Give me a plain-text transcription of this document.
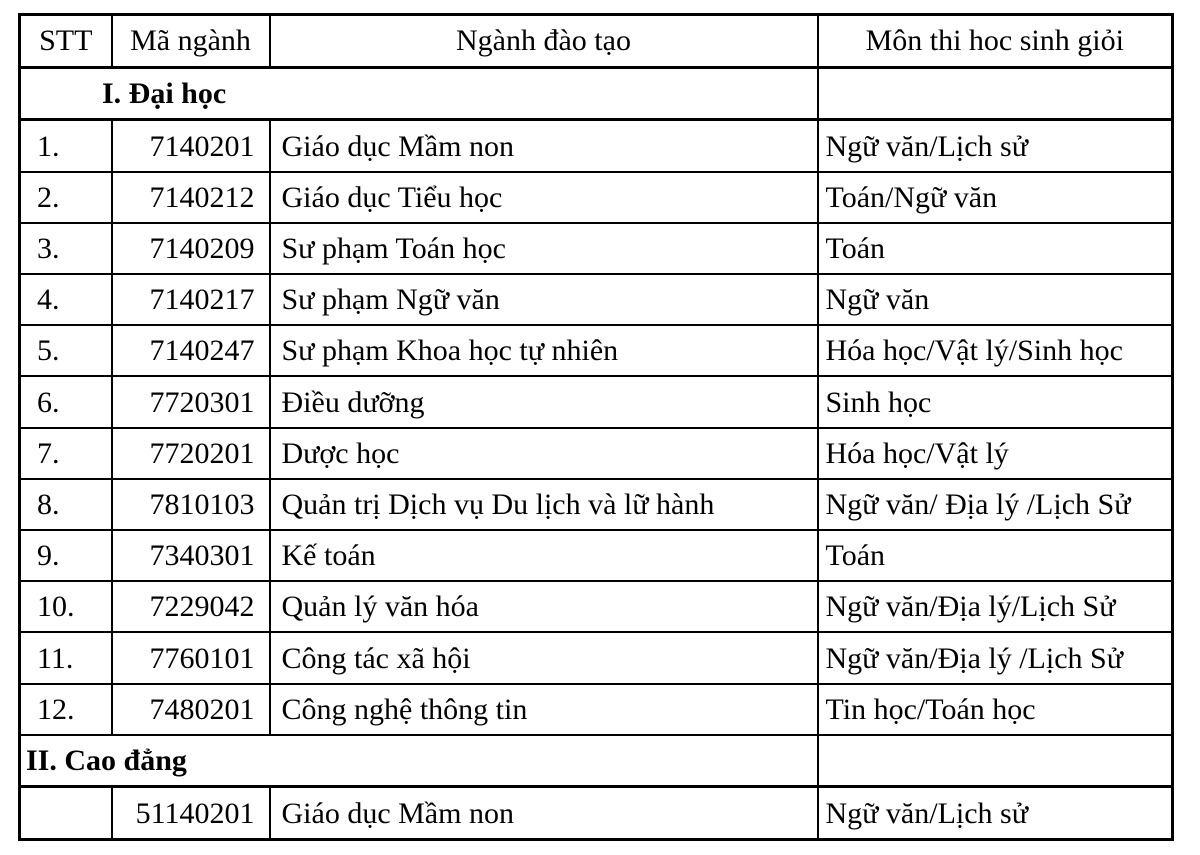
STT	Mã ngành	Ngành đào tạo	Môn thi hoc sinh giỏi
I. Đại học			
1.	7140201	Giáo dục Mầm non	Ngữ văn/Lịch sử
2.	7140212	Giáo dục Tiểu học	Toán/Ngữ văn
3.	7140209	Sư phạm Toán học	Toán
4.	7140217	Sư phạm Ngữ văn	Ngữ văn
5.	7140247	Sư phạm Khoa học tự nhiên	Hóa học/Vật lý/Sinh học
6.	7720301	Điều dưỡng	Sinh học
7.	7720201	Dược học	Hóa học/Vật lý
8.	7810103	Quản trị Dịch vụ Du lịch và lữ hành	Ngữ văn/ Địa lý /Lịch Sử
9.	7340301	Kế toán	Toán
10.	7229042	Quản lý văn hóa	Ngữ văn/Địa lý/Lịch Sử
11.	7760101	Công tác xã hội	Ngữ văn/Địa lý /Lịch Sử
12.	7480201	Công nghệ thông tin	Tin học/Toán học
II. Cao đẳng			
	51140201	Giáo dục Mầm non	Ngữ văn/Lịch sử
